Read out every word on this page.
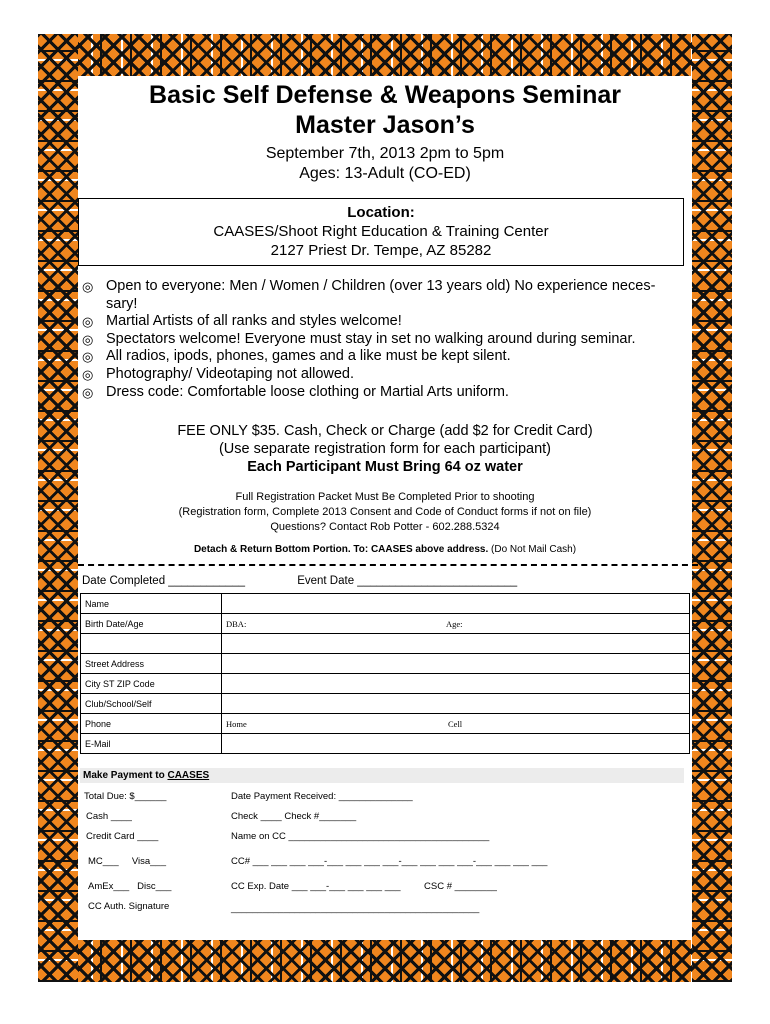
Basic Self Defense & Weapons Seminar
Master Jason’s
September 7th, 2013 2pm to 5pm
Ages: 13-Adult (CO-ED)
Location:
CAASES/Shoot Right Education & Training Center
2127 Priest Dr. Tempe, AZ 85282
◎ Open to everyone: Men / Women / Children (over 13 years old) No experience neces- sary!
◎ Martial Artists of all ranks and styles welcome!
◎ Spectators welcome! Everyone must stay in set no walking around during seminar.
◎ All radios, ipods, phones, games and a like must be kept silent.
◎ Photography/ Videotaping not allowed.
◎ Dress code: Comfortable loose clothing or Martial Arts uniform.
FEE ONLY $35. Cash, Check or Charge (add $2 for Credit Card)
(Use separate registration form for each participant)
Each Participant Must Bring 64 oz water
Full Registration Packet Must Be Completed Prior to shooting
(Registration form, Complete 2013 Consent and Code of Conduct forms if not on file)
Questions? Contact Rob Potter - 602.288.5324
Detach & Return Bottom Portion. To: CAASES above address. (Do Not Mail Cash)
Date Completed ____________	Event Date _________________________
Name	
Birth Date/Age	DBA: Age:

Street Address	
City ST ZIP Code	
Club/School/Self	
Phone	Home Cell
E-Mail	
Make Payment to CAASES
Total Due: $______	Date Payment Received: ______________
Cash ____	Check ____ Check #_______
Credit Card ____	Name on CC ______________________________________
MC___     Visa___	CC# ___ ___ ___ ___-___ ___ ___ ___-___ ___ ___ ___-___ ___ ___ ___
AmEx___   Disc___	CC Exp. Date ___ ___-___ ___ ___ ___ CSC # ________
CC Auth. Signature	_______________________________________________
